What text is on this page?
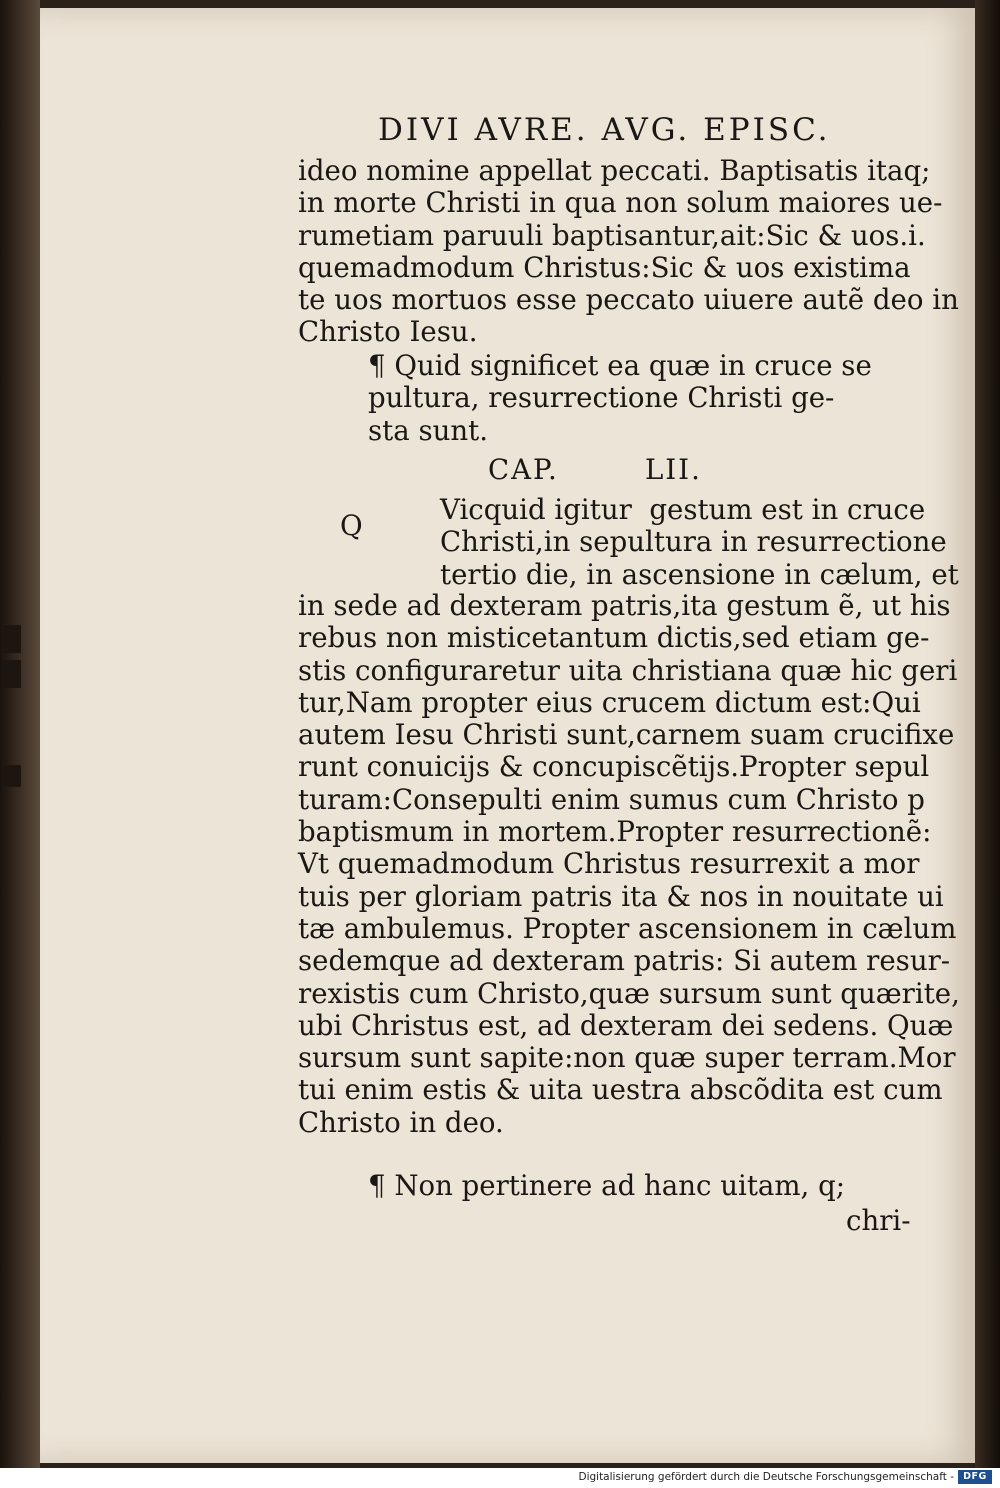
DIVI AVRE. AVG. EPISC.
ideo nomine appellat peccati. Baptisatis itaq;
in morte Christi in qua non solum maiores ue-
rumetiam paruuli baptisantur,ait:Sic & uos.i.
quemadmodum Christus:Sic & uos existima
te uos mortuos esse peccato uiuere autẽ deo in
Christo Iesu.
¶ Quid significet ea quæ in cruce se
pultura, resurrectione Christi ge-
sta sunt.
CAP.        LII.
Q	Vicquid igitur  gestum est in cruce
Christi,in sepultura in resurrectione
tertio die, in ascensione in cælum, et
in sede ad dexteram patris,ita gestum ẽ, ut his
rebus non misticetantum dictis,sed etiam ge-
stis configuraretur uita christiana quæ hic geri
tur,Nam propter eius crucem dictum est:Qui
autem Iesu Christi sunt,carnem suam crucifixe
runt conuicijs & concupiscẽtijs.Propter sepul
turam:Consepulti enim sumus cum Christo p
baptismum in mortem.Propter resurrectionẽ:
Vt quemadmodum Christus resurrexit a mor
tuis per gloriam patris ita & nos in nouitate ui
tæ ambulemus. Propter ascensionem in cælum
sedemque ad dexteram patris: Si autem resur-
rexistis cum Christo,quæ sursum sunt quærite,
ubi Christus est, ad dexteram dei sedens. Quæ
sursum sunt sapite:non quæ super terram.Mor
tui enim estis & uita uestra abscõdita est cum
Christo in deo.
¶ Non pertinere ad hanc uitam, q;
chri-
Digitalisierung gefördert durch die Deutsche Forschungsgemeinschaft - DFG
